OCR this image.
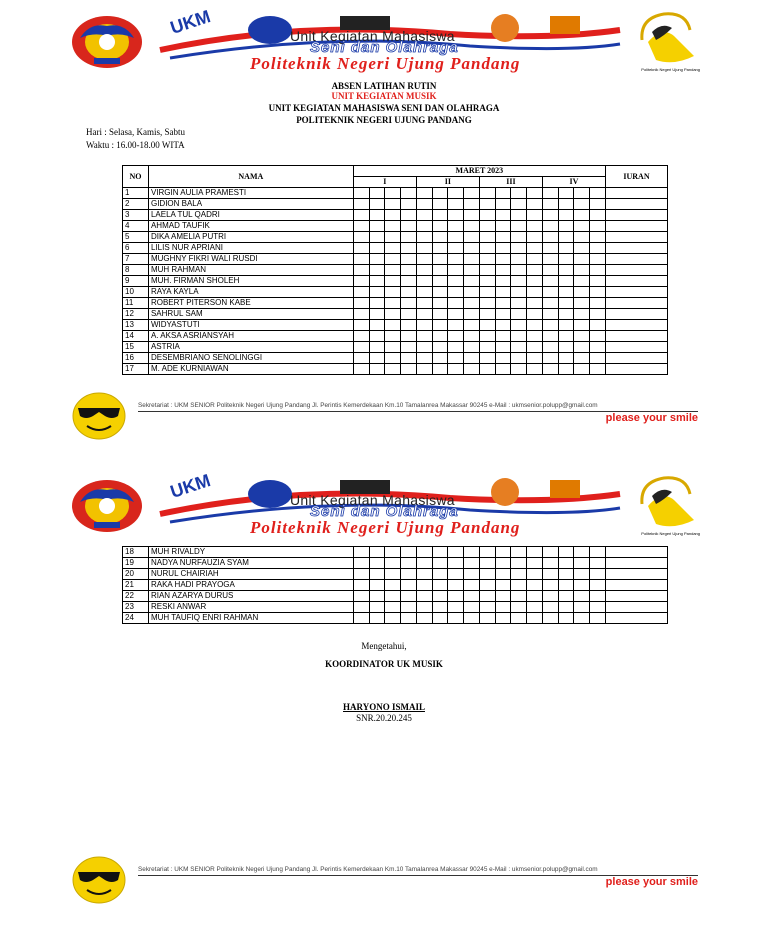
UKM	Unit Kegiatan Mahasiswa
Seni dan Olahraga
Politeknik Negeri Ujung Pandang	Politeknik Negeri Ujung Pandang
ABSEN LATIHAN RUTIN
UNIT KEGIATAN MUSIK
UNIT KEGIATAN MAHASISWA SENI DAN OLAHRAGA
POLITEKNIK NEGERI UJUNG PANDANG
Hari : Selasa, Kamis, Sabtu
Waktu : 16.00-18.00 WITA
NO	NAMA	MARET 2023																IURAN
		I				II				III				IV				
1	VIRGIN AULIA PRAMESTI																	
2	GIDION BALA																	
3	LAELA TUL QADRI																	
4	AHMAD TAUFIK																	
5	DIKA AMELIA PUTRI																	
6	LILIS NUR APRIANI																	
7	MUGHNY FIKRI WALI RUSDI																	
8	MUH RAHMAN																	
9	MUH. FIRMAN SHOLEH																	
10	RAYA KAYLA																	
11	ROBERT PITERSON KABE																	
12	SAHRUL SAM																	
13	WIDYASTUTI																	
14	A. AKSA ASRIANSYAH																	
15	ASTRIA																	
16	DESEMBRIANO SENOLINGGI																	
17	M. ADE KURNIAWAN																	
Sekretariat : UKM SENIOR Politeknik Negeri Ujung Pandang Jl. Perintis Kemerdekaan Km.10 Tamalanrea Makassar 90245 e-Mail : ukmsenior.polupp@gmail.com
please your smile
UKM	Unit Kegiatan Mahasiswa
Seni dan Olahraga
Politeknik Negeri Ujung Pandang	Politeknik Negeri Ujung Pandang
18	MUH RIVALDY																	
19	NADYA NURFAUZIA SYAM																	
20	NURUL CHAIRIAH																	
21	RAKA HADI PRAYOGA																	
22	RIAN AZARYA DURUS																	
23	RESKI ANWAR																	
24	MUH TAUFIQ ENRI RAHMAN																	
Mengetahui,
KOORDINATOR UK MUSIK
HARYONO ISMAIL
SNR.20.20.245
Sekretariat : UKM SENIOR Politeknik Negeri Ujung Pandang Jl. Perintis Kemerdekaan Km.10 Tamalanrea Makassar 90245 e-Mail : ukmsenior.polupp@gmail.com
please your smile
